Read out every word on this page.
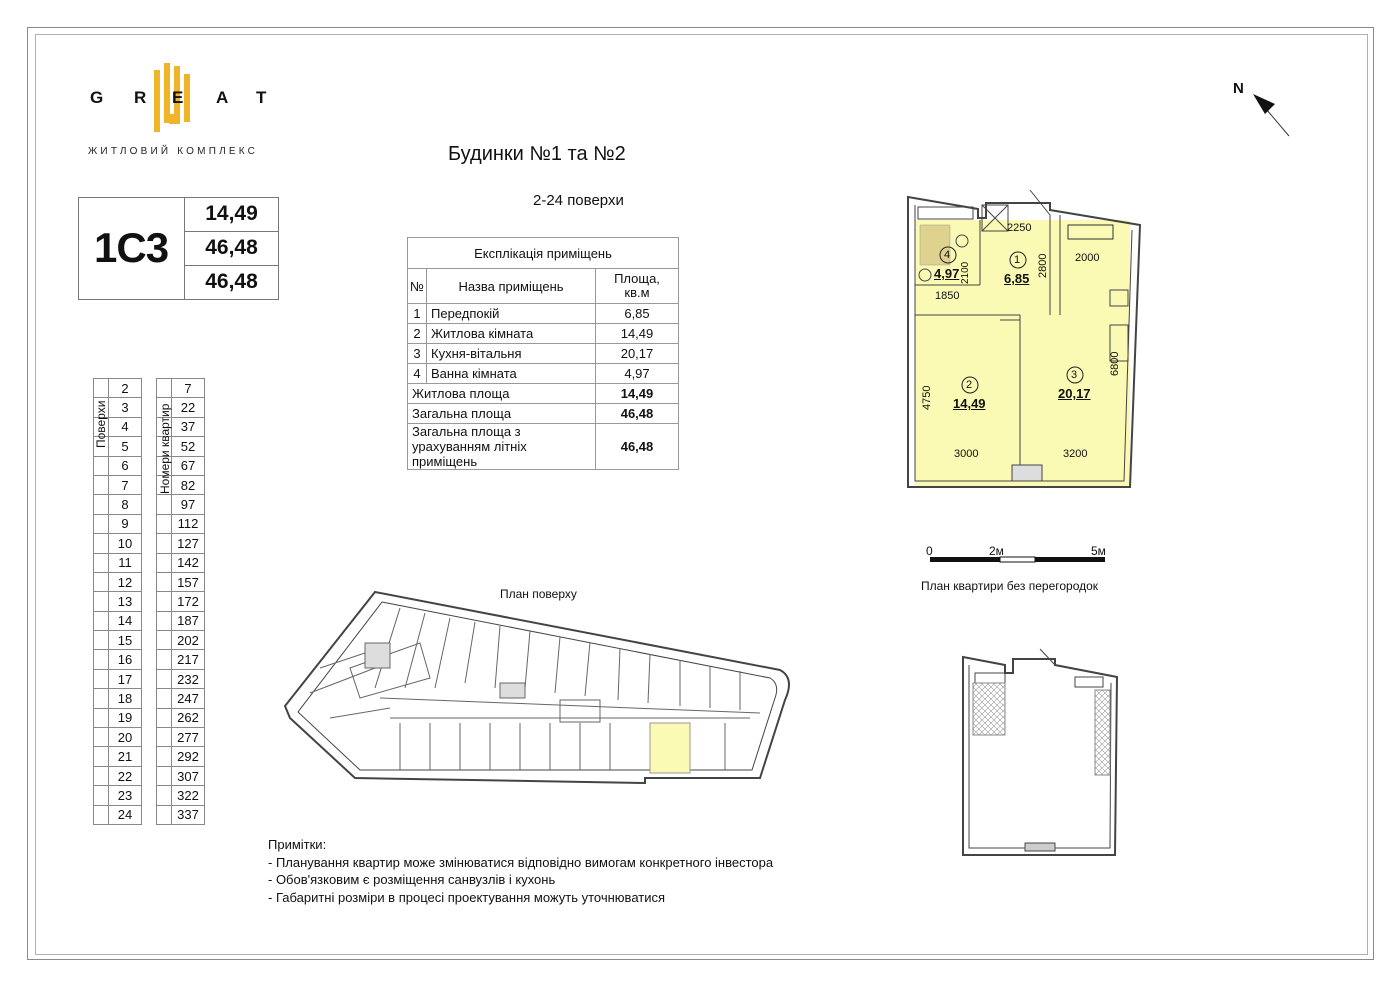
G R E A T
ЖИТЛОВИЙ КОМПЛЕКС
1С3
14,49
46,48
46,48
Будинки №1 та №2
2-24 поверхи
Експлікація приміщень		
№	Назва приміщень	Площа, кв.м
1	Передпокій	6,85
2	Житлова кімната	14,49
3	Кухня-вітальня	20,17
4	Ванна кімната	4,97
Житлова площа		14,49
Загальна площа		46,48
Загальна площа з урахуванням літніх приміщень		46,48
	2			7
	3			22
	4			37
	5			52
	6			67
	7			82
	8			97
	9			112
	10			127
	11			142
	12			157
	13			172
	14			187
	15			202
	16			217
	17			232
	18			247
	19			262
	20			277
	21			292
	22			307
	23			322
	24			337
Поверхи	Номери квартир
План поверху
N
1
6,85
2
14,49
3
20,17
4
4,97
2250
2800 2000
2100
1850
4750
6800
3000	3200
0	2м	5м
План квартири без перегородок
Примітки:
- Планування квартир може змінюватися відповідно вимогам конкретного інвестора
- Обов'язковим є розміщення санвузлів і кухонь
- Габаритні розміри в процесі проектування можуть уточнюватися
